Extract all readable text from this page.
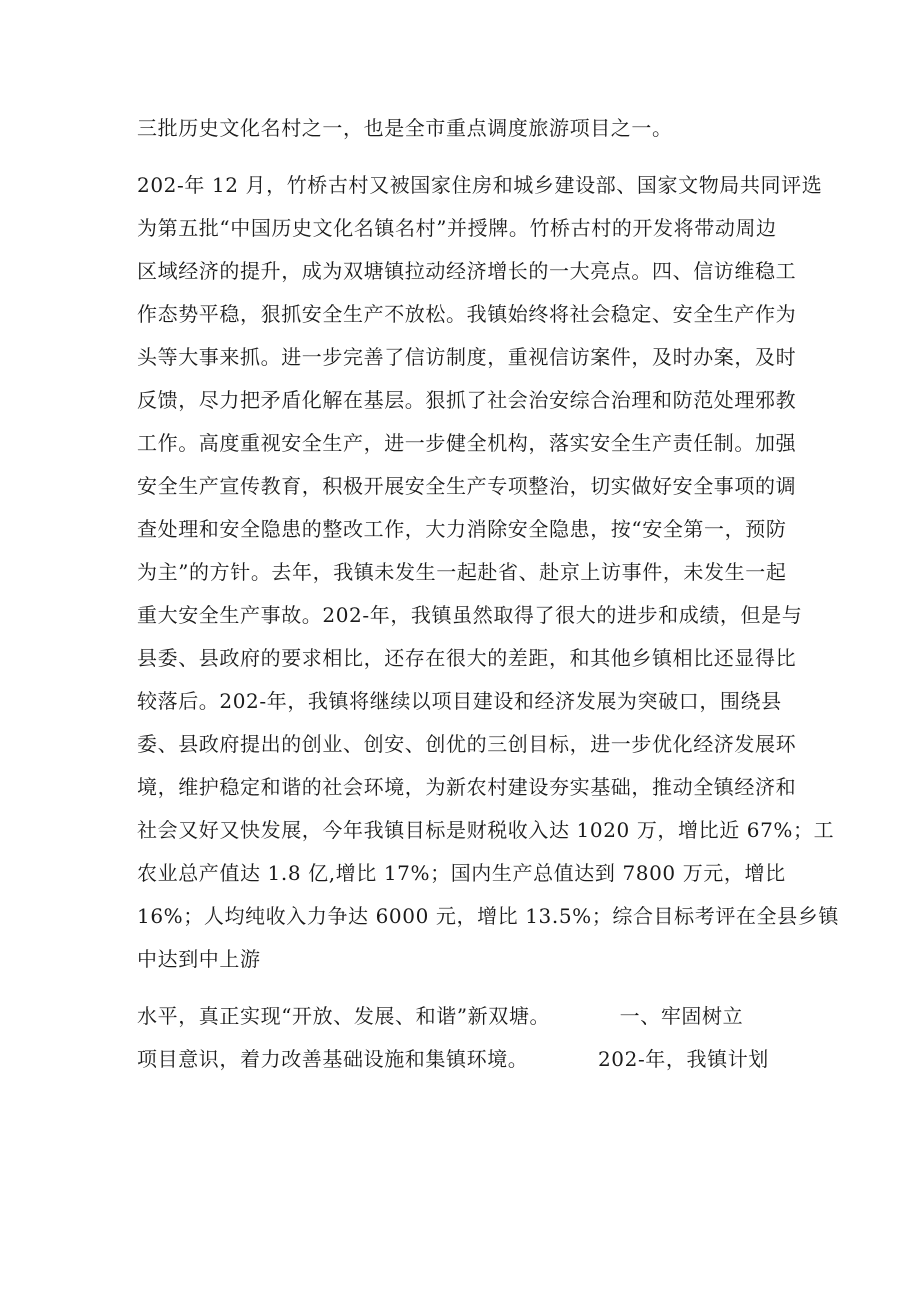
三批历史文化名村之一，也是全市重点调度旅游项目之一。

202-年 12 月，竹桥古村又被国家住房和城乡建设部、国家文物局共同评选

为第五批“中国历史文化名镇名村”并授牌。竹桥古村的开发将带动周边

区域经济的提升，成为双塘镇拉动经济增长的一大亮点。四、信访维稳工

作态势平稳，狠抓安全生产不放松。我镇始终将社会稳定、安全生产作为

头等大事来抓。进一步完善了信访制度，重视信访案件，及时办案，及时

反馈，尽力把矛盾化解在基层。狠抓了社会治安综合治理和防范处理邪教

工作。高度重视安全生产，进一步健全机构，落实安全生产责任制。加强

安全生产宣传教育，积极开展安全生产专项整治，切实做好安全事项的调

查处理和安全隐患的整改工作，大力消除安全隐患，按“安全第一，预防

为主”的方针。去年，我镇未发生一起赴省、赴京上访事件，未发生一起

重大安全生产事故。202-年，我镇虽然取得了很大的进步和成绩，但是与

县委、县政府的要求相比，还存在很大的差距，和其他乡镇相比还显得比

较落后。202-年，我镇将继续以项目建设和经济发展为突破口，围绕县

委、县政府提出的创业、创安、创优的三创目标，进一步优化经济发展环

境，维护稳定和谐的社会环境，为新农村建设夯实基础，推动全镇经济和

社会又好又快发展，今年我镇目标是财税收入达 1020 万，增比近 67%；工

农业总产值达 1.8 亿,增比 17%；国内生产总值达到 7800 万元，增比

16%；人均纯收入力争达 6000 元，增比 13.5%；综合目标考评在全县乡镇

中达到中上游

水平，真正实现“开放、发展、和谐”新双塘。          一、牢固树立

项目意识，着力改善基础设施和集镇环境。          202-年，我镇计划
